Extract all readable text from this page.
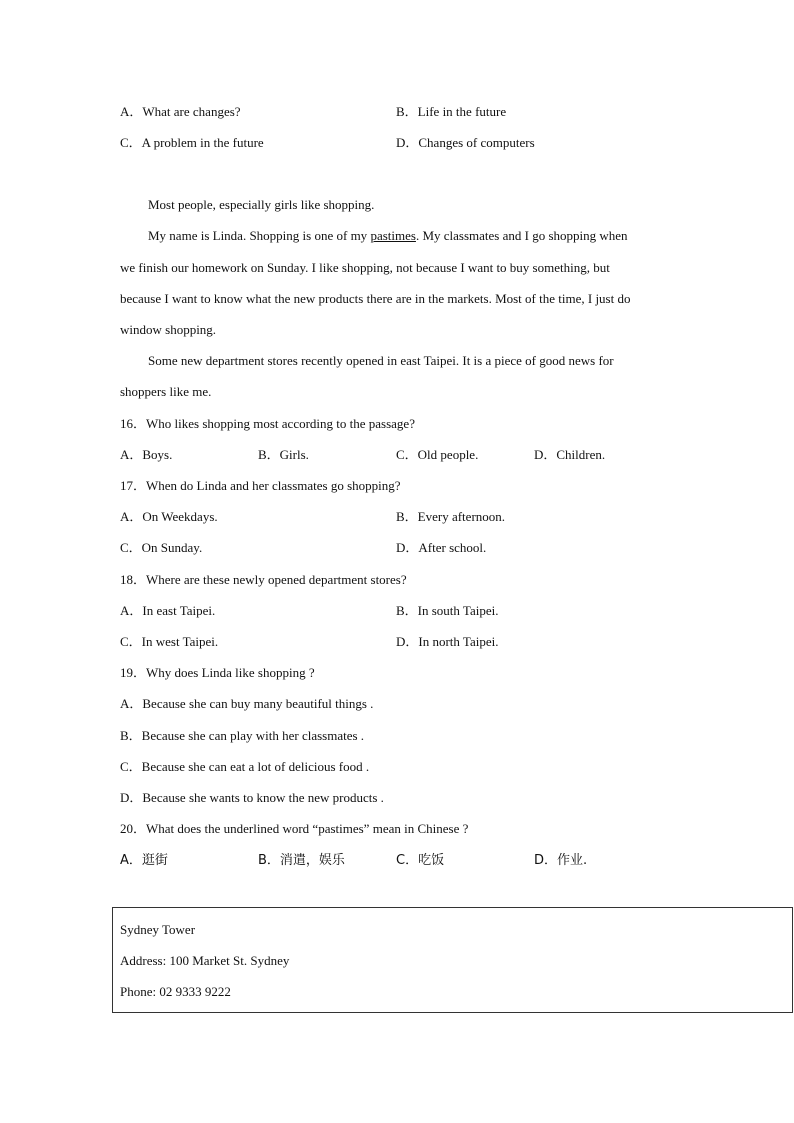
A．What are changes?	B．Life in the future
C．A problem in the future	D．Changes of computers
Most people, especially girls like shopping.
My name is Linda. Shopping is one of my pastimes. My classmates and I go shopping when
we finish our homework on Sunday. I like shopping, not because I want to buy something, but
because I want to know what the new products there are in the markets. Most of the time, I just do
window shopping.
Some new department stores recently opened in east Taipei. It is a piece of good news for
shoppers like me.
16．Who likes shopping most according to the passage?
A．Boys.	B．Girls.	C．Old people.	D．Children.
17．When do Linda and her classmates go shopping?
A．On Weekdays.	B．Every afternoon.
C．On Sunday.	D．After school.
18．Where are these newly opened department stores?
A．In east Taipei.	B．In south Taipei.
C．In west Taipei.	D．In north Taipei.
19．Why does Linda like shopping ?
A．Because she can buy many beautiful things .
B．Because she can play with her classmates .
C．Because she can eat a lot of delicious food .
D．Because she wants to know the new products .
20．What does the underlined word “pastimes” mean in Chinese ?
A．逛街	B．消遣，娱乐	C．吃饭	D．作业.
Sydney Tower
Address: 100 Market St. Sydney
Phone: 02 9333 9222
